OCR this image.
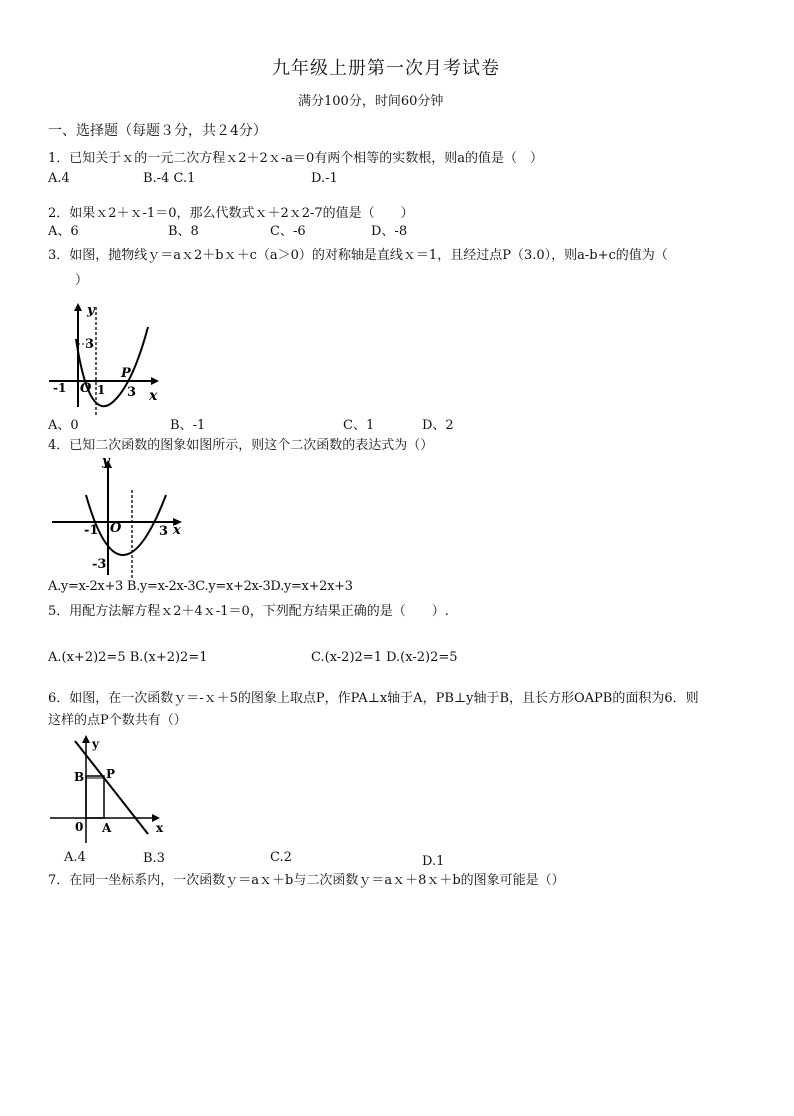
九年级上册第一次月考试卷
满分100分，时间60分钟
一、选择题（每题３分，共２4分）
1．已知关于ｘ的一元二次方程ｘ2＋2ｘ-a＝0有两个相等的实数根，则a的值是（　）
A.4	B.-4 C.1	D.-1
2．如果ｘ2＋ｘ-1＝0，那么代数式ｘ＋2ｘ2-7的值是（　　）
A、6	B、8	C、-6	D、-8
3．如图，抛物线ｙ＝aｘ2＋bｘ＋c（a＞0）的对称轴是直线ｘ＝1，且经过点P（3.0），则a-b+c的值为（
）
y
3
-1 O 1 3
P
x
A、0	B、-1	C、1	D、2
4．已知二次函数的图象如图所示，则这个二次函数的表达式为（）
y
-1 O	3 x
-3
A.y=x-2x+3 B.y=x-2x-3C.y=x+2x-3D.y=x+2x+3
5．用配方法解方程ｘ2＋4ｘ-1＝0，下列配方结果正确的是（　　）.
A.(x+2)2=5 B.(x+2)2=1	C.(x-2)2=1 D.(x-2)2=5
6．如图，在一次函数ｙ＝-ｘ＋5的图象上取点P，作PA⊥x轴于A，PB⊥y轴于B，且长方形OAPB的面积为6．则
这样的点P个数共有（）
y
B P
0 A	x
A.4	B.3	C.2	D.1
7．在同一坐标系内，一次函数ｙ＝aｘ＋b与二次函数ｙ＝aｘ＋8ｘ＋b的图象可能是（）
